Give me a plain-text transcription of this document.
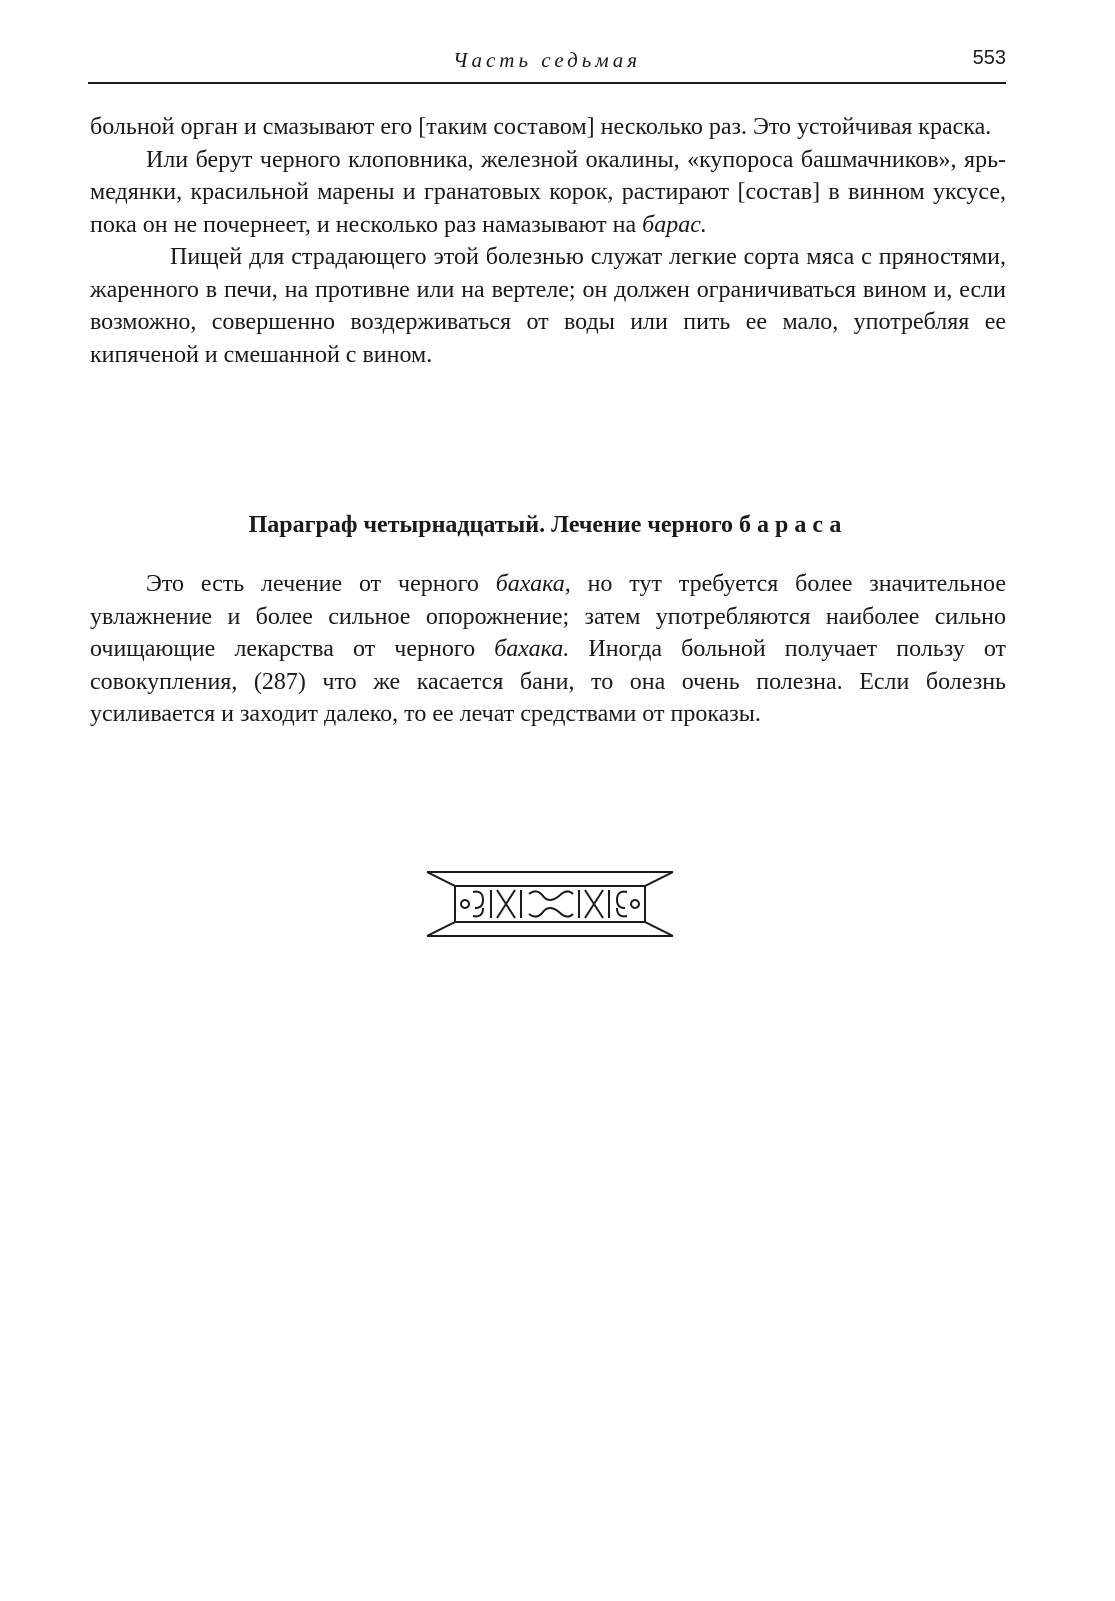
Часть седьмая	553

больной орган и смазывают его [таким составом] несколько раз. Это устойчивая краска.

Или берут черного клоповника, железной окалины, «купороса башмачников», ярь-медянки, красильной марены и гранатовых корок, растирают [состав] в винном уксусе, пока он не почернеет, и несколько раз намазывают на барас.

Пищей для страдающего этой болезнью служат легкие сорта мяса с пряностями, жаренного в печи, на противне или на вертеле; он должен ограничиваться вином и, если возможно, совершенно воздерживаться от воды или пить ее мало, употребляя ее кипяченой и смешанной с вином.

Параграф четырнадцатый. Лечение черного бараса

Это есть лечение от черного бахака, но тут требуется более значительное увлажнение и более сильное опорожнение; затем употребляются наиболее сильно очищающие лекарства от черного бахака. Иногда больной получает пользу от совокупления, (287) что же касается бани, то она очень полезна. Если болезнь усиливается и заходит далеко, то ее лечат средствами от проказы.
